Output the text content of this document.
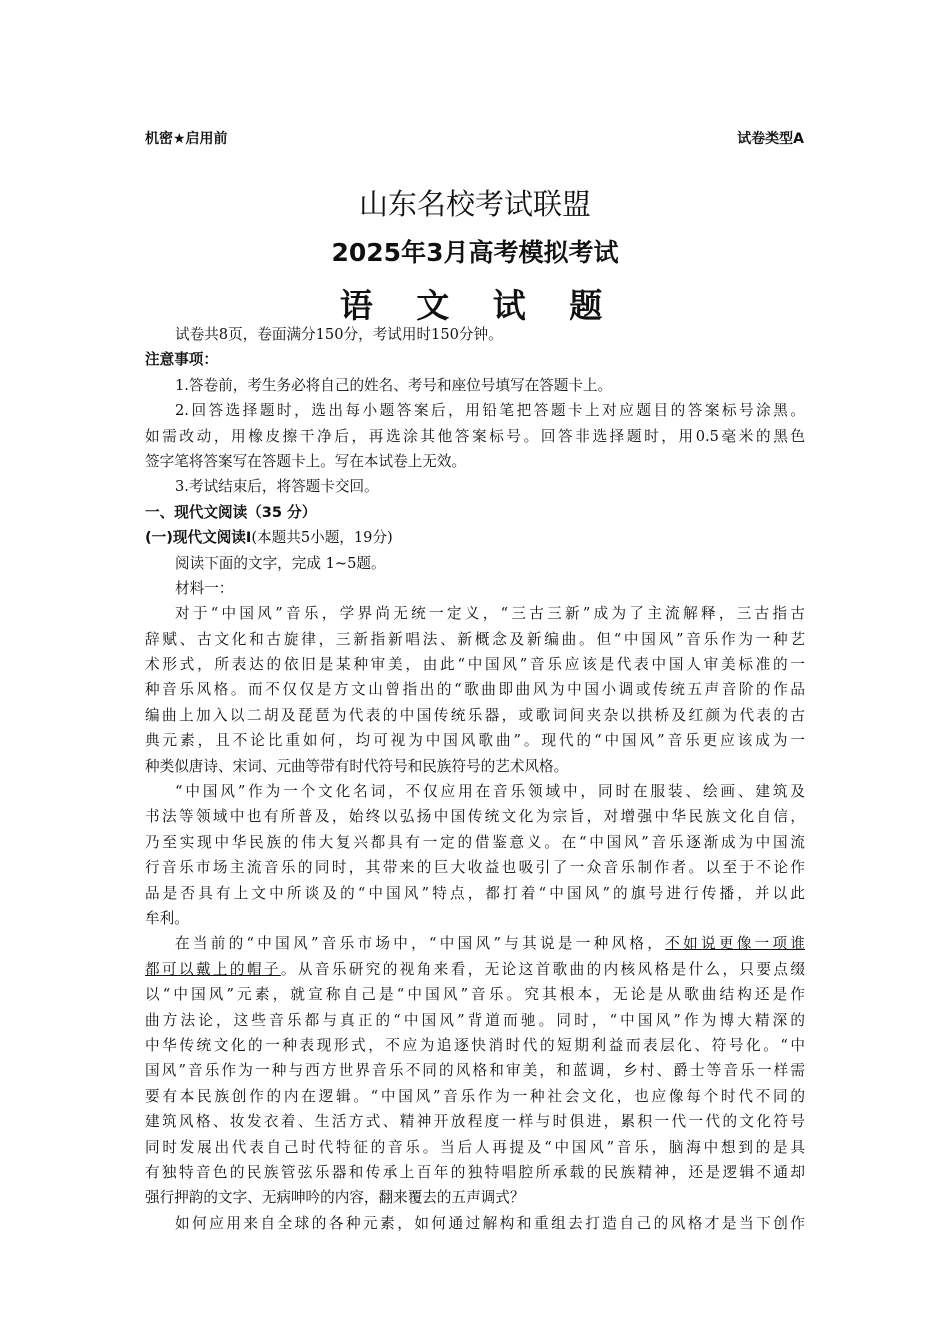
机密★启用前	试卷类型A
山东名校考试联盟
2025年3月高考模拟考试
语 文 试 题
试卷共8页，卷面满分150分，考试用时150分钟。
注意事项：
1.答卷前，考生务必将自己的姓名、考号和座位号填写在答题卡上。
2.回答选择题时，选出每小题答案后，用铅笔把答题卡上对应题目的答案标号涂黑。
如需改动，用橡皮擦干净后，再选涂其他答案标号。回答非选择题时，用0.5毫米的黑色
签字笔将答案写在答题卡上。写在本试卷上无效。
3.考试结束后，将答题卡交回。
一、现代文阅读（35 分）
(一)现代文阅读Ⅰ(本题共5小题，19分)
阅读下面的文字，完成 1~5题。
材料一：
对于“中国风”音乐，学界尚无统一定义，“三古三新”成为了主流解释，三古指古
辞赋、古文化和古旋律，三新指新唱法、新概念及新编曲。但“中国风”音乐作为一种艺
术形式，所表达的依旧是某种审美，由此“中国风”音乐应该是代表中国人审美标准的一
种音乐风格。而不仅仅是方文山曾指出的“歌曲即曲风为中国小调或传统五声音阶的作品
编曲上加入以二胡及琵琶为代表的中国传统乐器，或歌词间夹杂以拱桥及红颜为代表的古
典元素，且不论比重如何，均可视为中国风歌曲”。现代的“中国风”音乐更应该成为一
种类似唐诗、宋词、元曲等带有时代符号和民族符号的艺术风格。
“中国风”作为一个文化名词，不仅应用在音乐领域中，同时在服装、绘画、建筑及
书法等领域中也有所普及，始终以弘扬中国传统文化为宗旨，对增强中华民族文化自信，
乃至实现中华民族的伟大复兴都具有一定的借鉴意义。在“中国风”音乐逐渐成为中国流
行音乐市场主流音乐的同时，其带来的巨大收益也吸引了一众音乐制作者。以至于不论作
品是否具有上文中所谈及的“中国风”特点，都打着“中国风”的旗号进行传播，并以此
牟利。
在当前的“中国风”音乐市场中，“中国风”与其说是一种风格，不如说更像一项谁
都可以戴上的帽子。从音乐研究的视角来看，无论这首歌曲的内核风格是什么，只要点缀
以“中国风”元素，就宣称自己是“中国风”音乐。究其根本，无论是从歌曲结构还是作
曲方法论，这些音乐都与真正的“中国风”背道而驰。同时，“中国风”作为博大精深的
中华传统文化的一种表现形式，不应为追逐快消时代的短期利益而表层化、符号化。“中
国风”音乐作为一种与西方世界音乐不同的风格和审美，和蓝调，乡村、爵士等音乐一样需
要有本民族创作的内在逻辑。“中国风”音乐作为一种社会文化，也应像每个时代不同的
建筑风格、妆发衣着、生活方式、精神开放程度一样与时俱进，累积一代一代的文化符号
同时发展出代表自己时代特征的音乐。当后人再提及“中国风”音乐，脑海中想到的是具
有独特音色的民族管弦乐器和传承上百年的独特唱腔所承载的民族精神，还是逻辑不通却
强行押韵的文字、无病呻吟的内容，翻来覆去的五声调式？
如何应用来自全球的各种元素，如何通过解构和重组去打造自己的风格才是当下创作
